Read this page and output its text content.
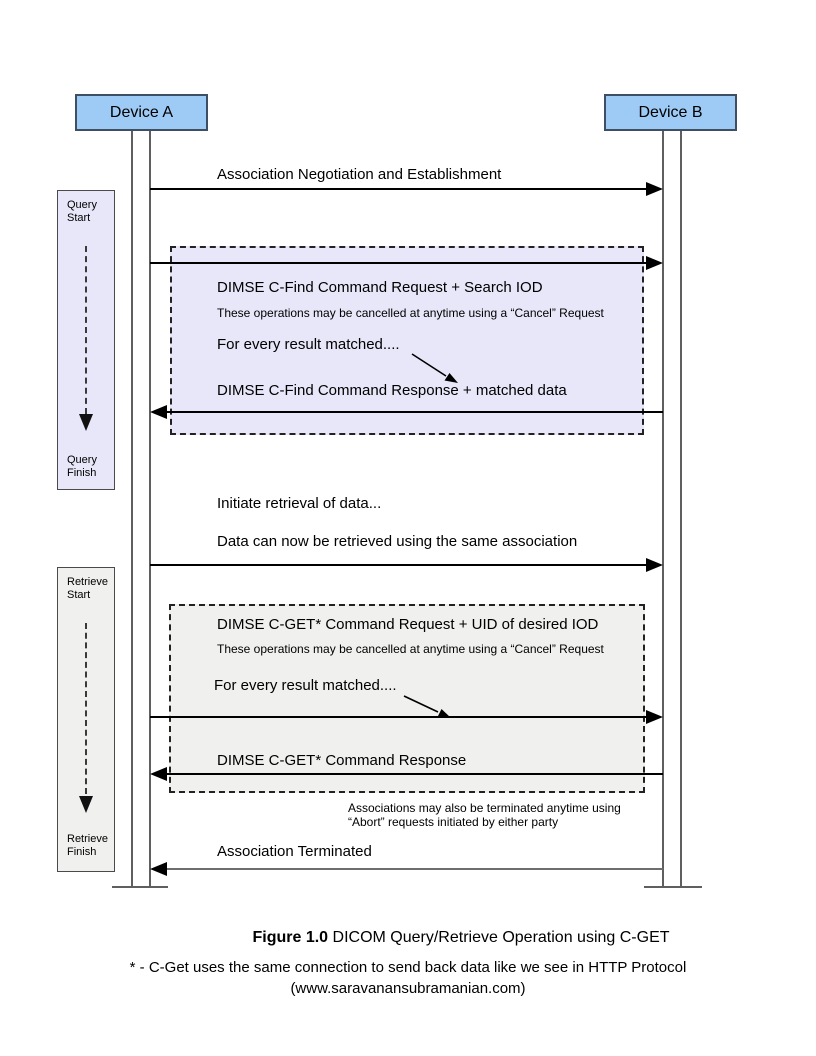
Device A	Device B
Query Start
Query Finish
Retrieve Start
Retrieve Finish
Association Negotiation and Establishment
DIMSE C-Find Command Request + Search IOD
These operations may be cancelled at anytime using a “Cancel” Request
For every result matched....
DIMSE C-Find Command Response + matched data
Initiate retrieval of data...
Data can now be retrieved using the same association
DIMSE C-GET* Command Request + UID of desired IOD
These operations may be cancelled at anytime using a “Cancel” Request
For every result matched....
DIMSE C-GET* Command Response
Associations may also be terminated anytime using
“Abort” requests initiated by either party
Association Terminated
Figure 1.0 DICOM Query/Retrieve Operation using C-GET
* - C-Get uses the same connection to send back data like we see in HTTP Protocol
(www.saravanansubramanian.com)
